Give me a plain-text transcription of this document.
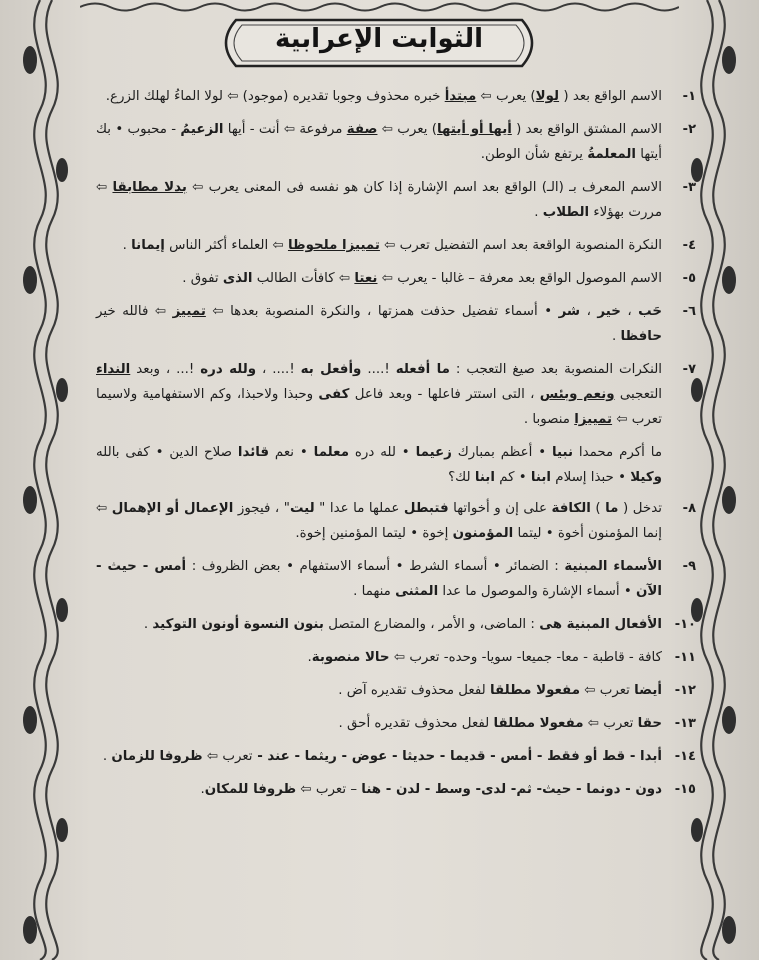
الثوابت الإعرابية
١-
الاسم الواقع بعد ( لولا) يعرب ⇦ مبتدأ خبره محذوف وجوبا تقديره (موجود) ⇦ لولا الماءُ لهلك الزرع.
٢-
الاسم المشتق الواقع بعد ( أيها أو أيتها) يعرب ⇦ صفة مرفوعة ⇦ أنت - أيها الزعيمُ - محبوب • بك أيتها المعلمةُ يرتفع شأن الوطن.
٣-
الاسم المعرف بـ (الـ) الواقع بعد اسم الإشارة إذا كان هو نفسه فى المعنى يعرب ⇦ بدلا مطابقا ⇦ مررت بهؤلاء الطلاب .
٤-
النكرة المنصوبة الواقعة بعد اسم التفضيل تعرب ⇦ تمييزا ملحوظا ⇦ العلماء أكثر الناس إيمانا .
٥-
الاسم الموصول الواقع بعد معرفة – غالبا - يعرب ⇦ نعتا ⇦ كافأت الطالب الذى تفوق .
٦-
حَب ، خير ، شر • أسماء تفضيل حذفت همزتها ، والنكرة المنصوبة بعدها ⇦ تمييز ⇦ فالله خير حافظا .
٧-
النكرات المنصوبة بعد صيغ التعجب : ما أفعله !.... وأفعل به !.... ، ولله دره !... ، وبعد النداء التعجبى ونعم وبئس ، التى استتر فاعلها - وبعد فاعل كفى وحبذا ولاحبذا، وكم الاستفهامية ولاسيما تعرب ⇦ تمييزا منصوبا .
ما أكرم محمدا نبيا • أعظم بمبارك زعيما • لله دره معلما • نعم قائدا صلاح الدين • كفى بالله وكيلا • حبذا إسلام ابنا • كم ابنا لك؟
٨-
تدخل ( ما ) الكافة على إن و أخواتها فتبطل عملها ما عدا " ليت" ، فيجوز الإعمال أو الإهمال ⇦ إنما المؤمنون أخوة • ليتما المؤمنون إخوة • ليتما المؤمنين إخوة.
٩-
الأسماء المبنية : الضمائر • أسماء الشرط • أسماء الاستفهام • بعض الظروف : أمس - حيث - الآن • أسماء الإشارة والموصول ما عدا المثنى منهما .
١٠-
الأفعال المبنية هى : الماضى، و الأمر ، والمضارع المتصل بنون النسوة أونون التوكيد .
١١-
كافة - قاطبة - معا- جميعا- سويا- وحده- تعرب ⇦ حالا منصوبة.
١٢-
أيضا تعرب ⇦ مفعولا مطلقا لفعل محذوف تقديره آض .
١٣-
حقا تعرب ⇦ مفعولا مطلقا لفعل محذوف تقديره أحق .
١٤-
أبدا - قط أو فقط - أمس - قديما - حديثا - عوض - ريثما - عند - تعرب ⇦ ظروفا للزمان .
١٥-
دون - دونما - حيث- ثم- لدى- وسط - لدن - هنا – تعرب ⇦ ظروفا للمكان.
